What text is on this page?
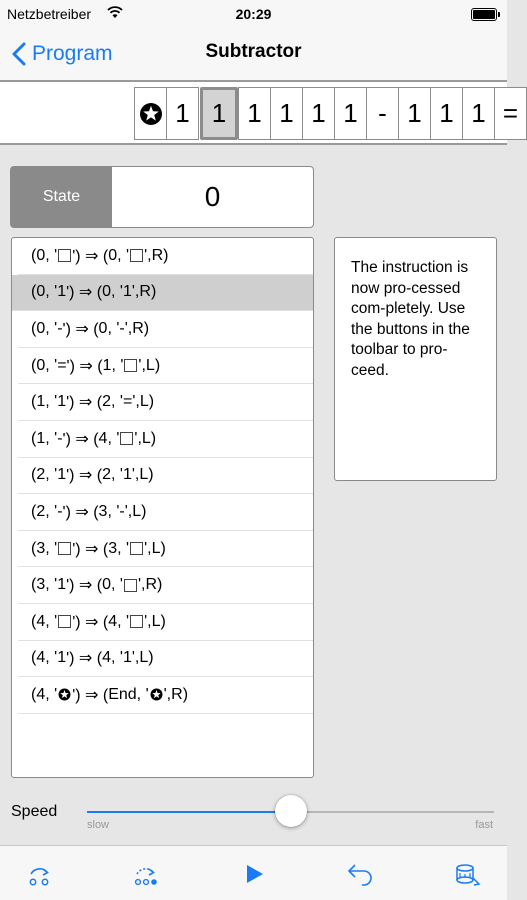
Netzbetreiber	20:29
Program	Subtractor
1 1 1 1 1 1 - 1 1 1 =
State	0
( 0 , ' ') ⇒ ( 0 , ' ', R )
( 0 , ' 1 ') ⇒ ( 0 , ' 1 ', R )
( 0 , ' - ') ⇒ ( 0 , ' - ', R )
( 0 , ' = ') ⇒ ( 1 , ' ', L )
( 1 , ' 1 ') ⇒ ( 2 , ' = ', L )
( 1 , ' - ') ⇒ ( 4 , ' ', L )
( 2 , ' 1 ') ⇒ ( 2 , ' 1 ', L )
( 2 , ' - ') ⇒ ( 3 , ' - ', L )
( 3 , ' ') ⇒ ( 3 , ' ', L )
( 3 , ' 1 ') ⇒ ( 0 , ' ', R )
( 4 , ' ') ⇒ ( 4 , ' ', L )
( 4 , ' 1 ') ⇒ ( 4 , ' 1 ', L )
( 4 , ' ') ⇒ ( End , ' ', R )
The instruction is now pro-cessed com-pletely. Use the buttons in the toolbar to pro-ceed.
Speed
slow	fast
